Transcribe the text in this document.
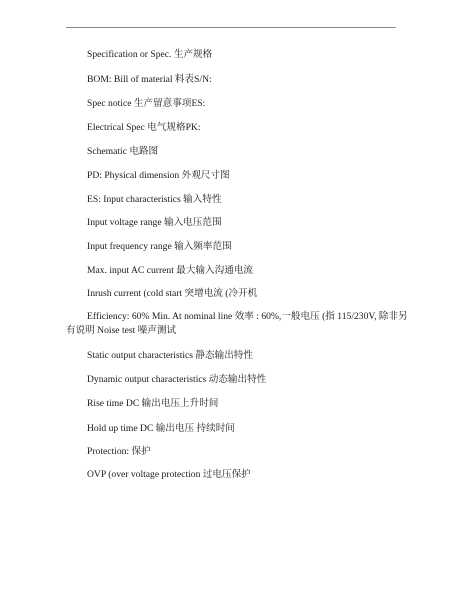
Specification or Spec. 生产规格
BOM: Bill of material 料表S/N:
Spec notice 生产留意事项ES:
Electrical Spec 电气规格PK:
Schematic 电路图
PD: Physical dimension 外观尺寸图
ES: Input characteristics 输入特性
Input voltage range 输入电压范围
Input frequency range 输入频率范围
Max. input AC current 最大输入沟通电流
Inrush current (cold start 突增电流 (冷开机
Efficiency: 60% Min. At nominal line 效率 : 60%,一般电压 (指 115/230V, 除非另
有说明 Noise test 噪声测试
Static output characteristics 静态输出特性
Dynamic output characteristics 动态输出特性
Rise time DC 输出电压上升时间
Hold up time DC 输出电压 持续时间
Protection: 保护
OVP (over voltage protection 过电压保护
